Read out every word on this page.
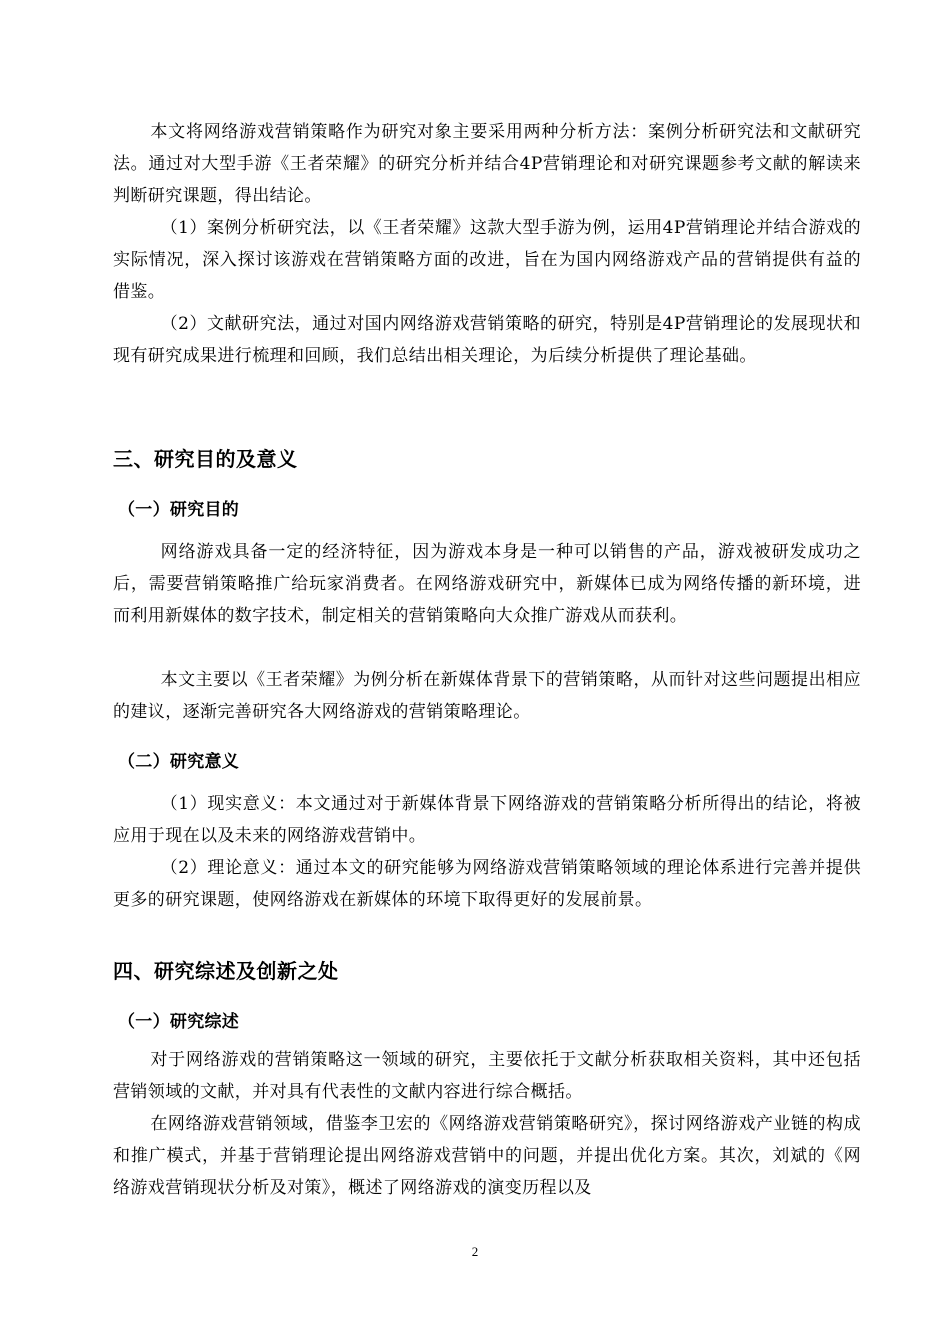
本文将网络游戏营销策略作为研究对象主要采用两种分析方法：案例分析研究法和文献研究法。通过对大型手游《王者荣耀》的研究分析并结合4P营销理论和对研究课题参考文献的解读来判断研究课题，得出结论。

（1）案例分析研究法，以《王者荣耀》这款大型手游为例，运用4P营销理论并结合游戏的实际情况，深入探讨该游戏在营销策略方面的改进，旨在为国内网络游戏产品的营销提供有益的借鉴。

（2）文献研究法，通过对国内网络游戏营销策略的研究，特别是4P营销理论的发展现状和现有研究成果进行梳理和回顾，我们总结出相关理论，为后续分析提供了理论基础。

三、研究目的及意义
（一）研究目的

网络游戏具备一定的经济特征，因为游戏本身是一种可以销售的产品，游戏被研发成功之后，需要营销策略推广给玩家消费者。在网络游戏研究中，新媒体已成为网络传播的新环境，进而利用新媒体的数字技术，制定相关的营销策略向大众推广游戏从而获利。

本文主要以《王者荣耀》为例分析在新媒体背景下的营销策略，从而针对这些问题提出相应的建议，逐渐完善研究各大网络游戏的营销策略理论。

（二）研究意义

（1）现实意义：本文通过对于新媒体背景下网络游戏的营销策略分析所得出的结论，将被应用于现在以及未来的网络游戏营销中。

（2）理论意义：通过本文的研究能够为网络游戏营销策略领域的理论体系进行完善并提供更多的研究课题，使网络游戏在新媒体的环境下取得更好的发展前景。

四、研究综述及创新之处
（一）研究综述

对于网络游戏的营销策略这一领域的研究，主要依托于文献分析获取相关资料，其中还包括营销领域的文献，并对具有代表性的文献内容进行综合概括。

在网络游戏营销领域，借鉴李卫宏的《网络游戏营销策略研究》，探讨网络游戏产业链的构成和推广模式，并基于营销理论提出网络游戏营销中的问题，并提出优化方案。其次，刘斌的《网络游戏营销现状分析及对策》，概述了网络游戏的演变历程以及

2
